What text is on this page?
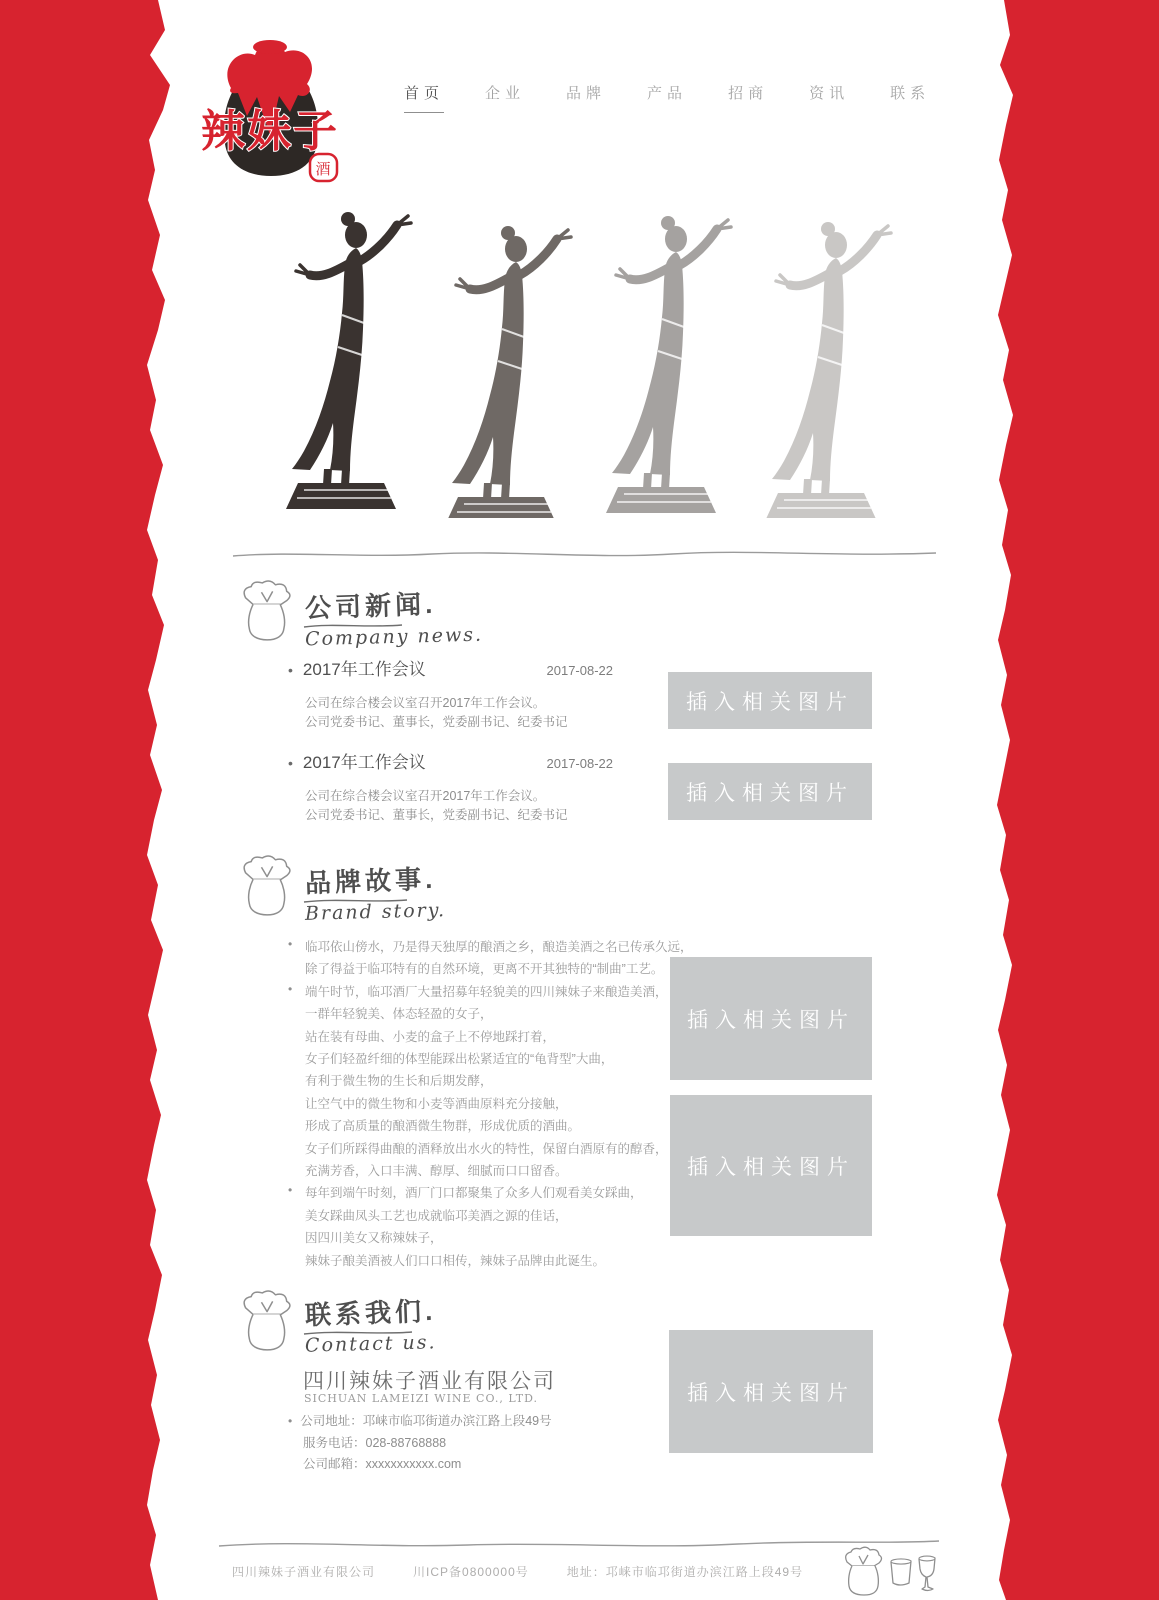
辣妹子
酒
首页	企业	品牌	产品	招商	资讯	联系
公司新闻.
Company news.
• 2017年工作会议	2017-08-22
公司在综合楼会议室召开2017年工作会议。
公司党委书记、董事长，党委副书记、纪委书记
插入相关图片
• 2017年工作会议	2017-08-22
公司在综合楼会议室召开2017年工作会议。
公司党委书记、董事长，党委副书记、纪委书记
插入相关图片
品牌故事.
Brand story.
• 临邛依山傍水，乃是得天独厚的酿酒之乡，酿造美酒之名已传承久远，
除了得益于临邛特有的自然环境，更离不开其独特的“制曲”工艺。
• 端午时节，临邛酒厂大量招募年轻貌美的四川辣妹子来酿造美酒，
一群年轻貌美、体态轻盈的女子，
站在装有母曲、小麦的盒子上不停地踩打着，
女子们轻盈纤细的体型能踩出松紧适宜的“龟背型”大曲，
有利于微生物的生长和后期发酵，
让空气中的微生物和小麦等酒曲原料充分接触，
形成了高质量的酿酒微生物群，形成优质的酒曲。
女子们所踩得曲酿的酒释放出水火的特性，保留白酒原有的醇香，
充满芳香，入口丰满、醇厚、细腻而口口留香。
• 每年到端午时刻，酒厂门口都聚集了众多人们观看美女踩曲，
美女踩曲凤头工艺也成就临邛美酒之源的佳话，
因四川美女又称辣妹子，
辣妹子酿美酒被人们口口相传，辣妹子品牌由此诞生。
插入相关图片
插入相关图片
联系我们.
Contact us.
四川辣妹子酒业有限公司
SICHUAN LAMEIZI WINE CO., LTD.
• 公司地址：邛崃市临邛街道办滨江路上段49号
服务电话：028-88768888
公司邮箱：xxxxxxxxxxx.com
插入相关图片
四川辣妹子酒业有限公司	川ICP备0800000号	地址：邛崃市临邛街道办滨江路上段49号
